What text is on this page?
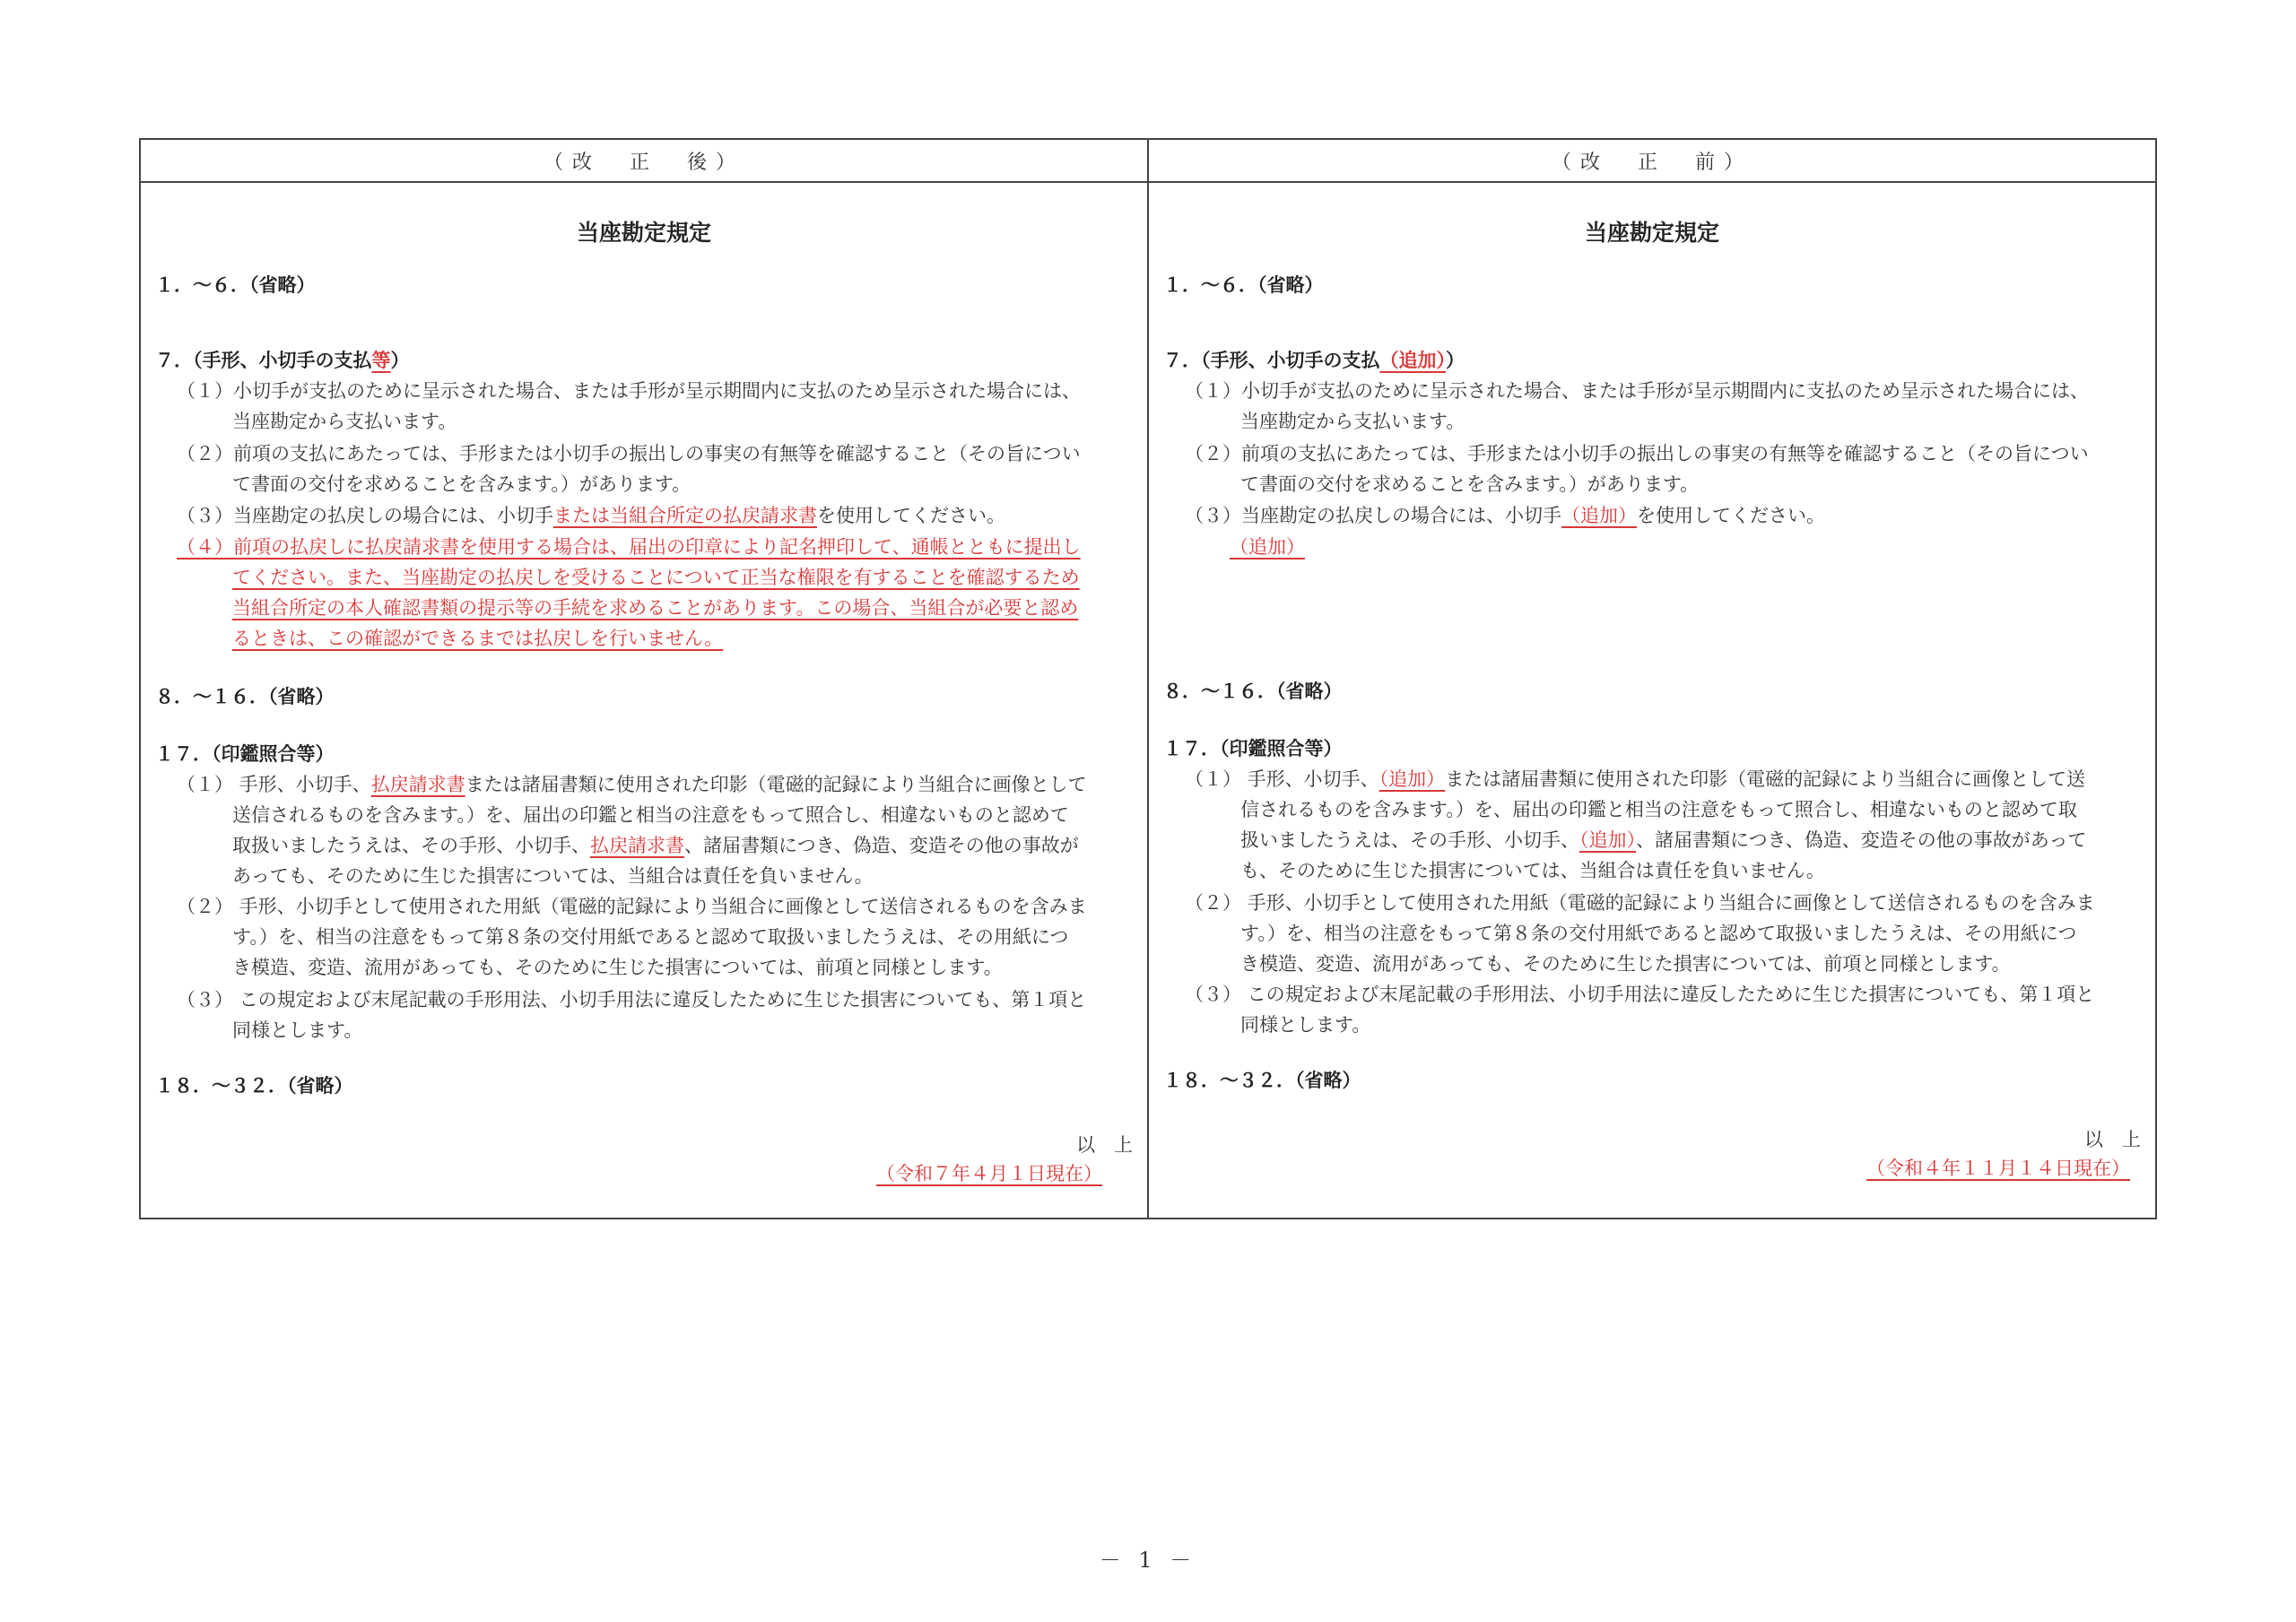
（改　正　後）	（改　正　前）
当座勘定規定
１．～６．（省略）
７．（手形、小切手の支払等）
（１）小切手が支払のために呈示された場合、または手形が呈示期間内に支払のため呈示された場合には、
当座勘定から支払います。
（２）前項の支払にあたっては、手形または小切手の振出しの事実の有無等を確認すること（その旨につい
て書面の交付を求めることを含みます。）があります。
（３）当座勘定の払戻しの場合には、小切手または当組合所定の払戻請求書を使用してください。
（４）前項の払戻しに払戻請求書を使用する場合は、届出の印章により記名押印して、通帳とともに提出し
てください。また、当座勘定の払戻しを受けることについて正当な権限を有することを確認するため
当組合所定の本人確認書類の提示等の手続を求めることがあります。この場合、当組合が必要と認め
るときは、この確認ができるまでは払戻しを行いません。
８．～１６．（省略）
１７．（印鑑照合等）
（１） 手形、小切手、払戻請求書または諸届書類に使用された印影（電磁的記録により当組合に画像として
送信されるものを含みます。）を、届出の印鑑と相当の注意をもって照合し、相違ないものと認めて
取扱いましたうえは、その手形、小切手、払戻請求書、諸届書類につき、偽造、変造その他の事故が
あっても、そのために生じた損害については、当組合は責任を負いません。
（２） 手形、小切手として使用された用紙（電磁的記録により当組合に画像として送信されるものを含みま
す。）を、相当の注意をもって第８条の交付用紙であると認めて取扱いましたうえは、その用紙につ
き模造、変造、流用があっても、そのために生じた損害については、前項と同様とします。
（３） この規定および末尾記載の手形用法、小切手用法に違反したために生じた損害についても、第１項と
同様とします。
１８．～３２．（省略）
以　上
（令和７年４月１日現在）
当座勘定規定
１．～６．（省略）
７．（手形、小切手の支払（追加））
（１）小切手が支払のために呈示された場合、または手形が呈示期間内に支払のため呈示された場合には、
当座勘定から支払います。
（２）前項の支払にあたっては、手形または小切手の振出しの事実の有無等を確認すること（その旨につい
て書面の交付を求めることを含みます。）があります。
（３）当座勘定の払戻しの場合には、小切手（追加）を使用してください。
（追加）
８．～１６．（省略）
１７．（印鑑照合等）
（１） 手形、小切手、（追加）または諸届書類に使用された印影（電磁的記録により当組合に画像として送
信されるものを含みます。）を、届出の印鑑と相当の注意をもって照合し、相違ないものと認めて取
扱いましたうえは、その手形、小切手、（追加）、諸届書類につき、偽造、変造その他の事故があって
も、そのために生じた損害については、当組合は責任を負いません。
（２） 手形、小切手として使用された用紙（電磁的記録により当組合に画像として送信されるものを含みま
す。）を、相当の注意をもって第８条の交付用紙であると認めて取扱いましたうえは、その用紙につ
き模造、変造、流用があっても、そのために生じた損害については、前項と同様とします。
（３） この規定および末尾記載の手形用法、小切手用法に違反したために生じた損害についても、第１項と
同様とします。
１８．～３２．（省略）
以　上
（令和４年１１月１４日現在）
－ 1 －
